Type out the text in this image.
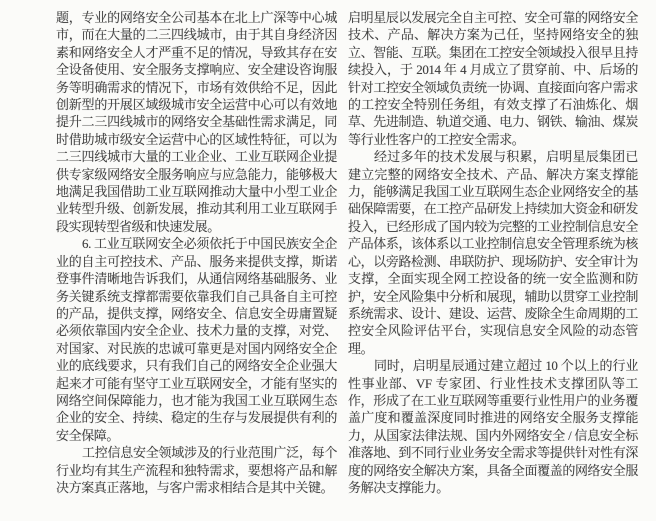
题，专业的网络安全公司基本在北上广深等中心城市，而在大量的二三四线城市，由于其自身经济因素和网络安全人才严重不足的情况，导致其存在安全设备使用、安全服务支撑响应、安全建设咨询服务等明确需求的情况下，市场有效供给不足，因此创新型的开展区域级城市安全运营中心可以有效地提升二三四线城市的网络安全基础性需求满足，同时借助城市级安全运营中心的区域性特征，可以为二三四线城市大量的工业企业、工业互联网企业提供专家级网络安全服务响应与应急能力，能够极大地满足我国借助工业互联网推动大量中小型工业企业转型升级、创新发展，推动其利用工业互联网手段实现转型省级和快速发展。

6. 工业互联网安全必须依托于中国民族安全企业的自主可控技术、产品、服务来提供支撑，斯诺登事件清晰地告诉我们，从通信网络基础服务、业务关键系统支撑都需要依靠我们自己具备自主可控的产品，提供支撑，网络安全、信息安全毋庸置疑必须依靠国内安全企业、技术力量的支撑，对党、对国家、对民族的忠诚可靠更是对国内网络安全企业的底线要求，只有我们自己的网络安全企业强大起来才可能有坚守工业互联网安全，才能有坚实的网络空间保障能力，也才能为我国工业互联网生态企业的安全、持续、稳定的生存与发展提供有利的安全保障。

工控信息安全领域涉及的行业范围广泛，每个行业均有其生产流程和独特需求，要想将产品和解决方案真正落地，与客户需求相结合是其中关键。

启明星辰以发展完全自主可控、安全可靠的网络安全技术、产品、解决方案为己任，坚持网络安全的独立、智能、互联。集团在工控安全领域投入很早且持续投入，于 2014 年 4 月成立了贯穿前、中、后场的针对工控安全领域负责统一协调、直接面向客户需求的工控安全特别任务组，有效支撑了石油炼化、烟草、先进制造、轨道交通、电力、钢铁、输油、煤炭等行业性客户的工控安全需求。

经过多年的技术发展与积累，启明星辰集团已建立完整的网络安全技术、产品、解决方案支撑能力，能够满足我国工业互联网生态企业网络安全的基础保障需要，在工控产品研发上持续加大资金和研发投入，已经形成了国内较为完整的工业控制信息安全产品体系，该体系以工业控制信息安全管理系统为核心，以旁路检测、串联防护、现场防护、安全审计为支撑，全面实现全网工控设备的统一安全监测和防护，安全风险集中分析和展现，辅助以贯穿工业控制系统需求、设计、建设、运营、废除全生命周期的工控安全风险评估平台，实现信息安全风险的动态管理。

同时，启明星辰通过建立超过 10 个以上的行业性事业部、VF 专家团、行业性技术支撑团队等工作，形成了在工业互联网等重要行业性用户的业务覆盖广度和覆盖深度同时推进的网络安全服务支撑能力，从国家法律法规、国内外网络安全 / 信息安全标准落地、到不同行业业务安全需求等提供针对性有深度的网络安全解决方案，具备全面覆盖的网络安全服务解决支撑能力。
